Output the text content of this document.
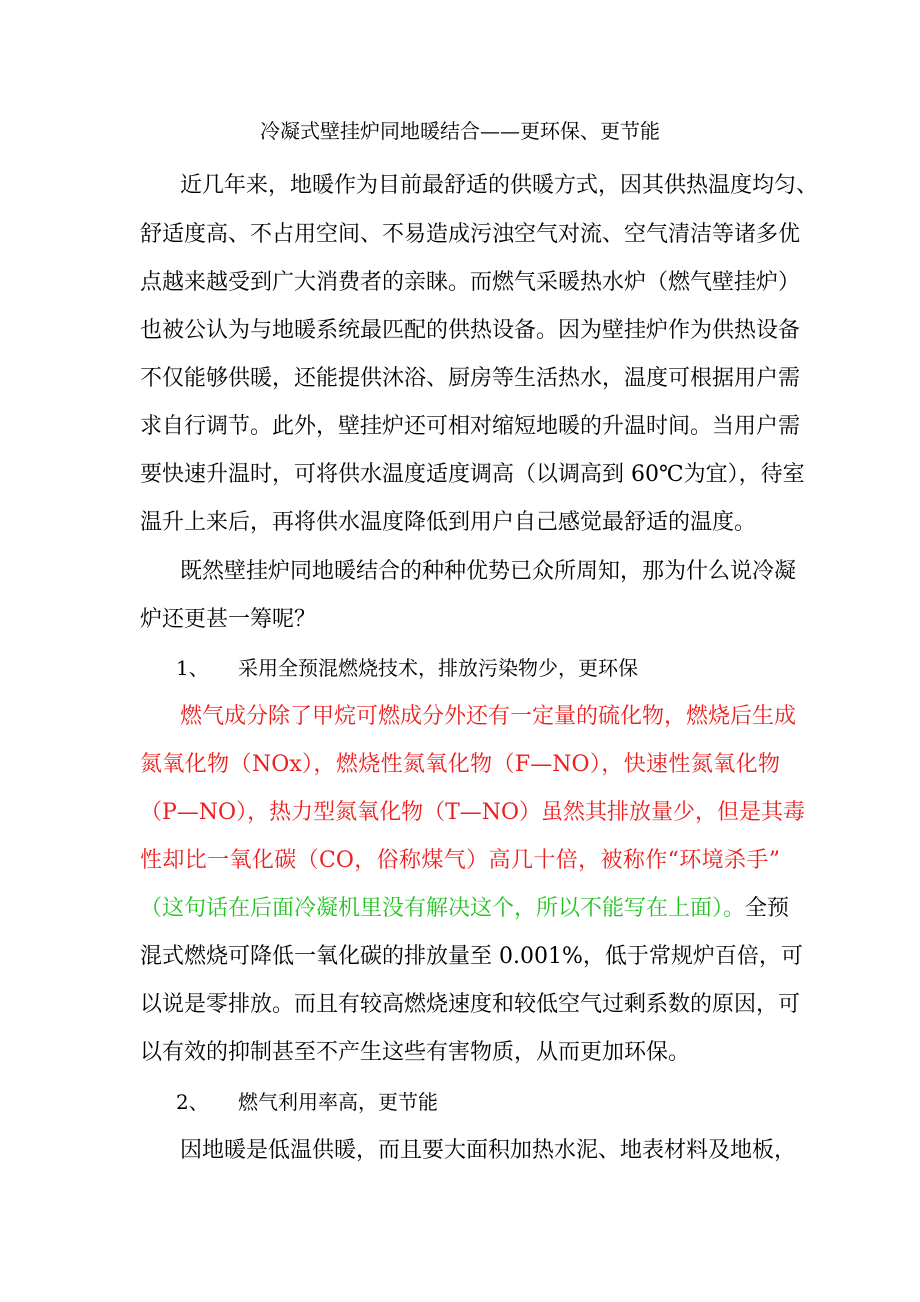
冷凝式壁挂炉同地暖结合——更环保、更节能
近几年来，地暖作为目前最舒适的供暖方式，因其供热温度均匀、
舒适度高、不占用空间、不易造成污浊空气对流、空气清洁等诸多优
点越来越受到广大消费者的亲睐。而燃气采暖热水炉（燃气壁挂炉）
也被公认为与地暖系统最匹配的供热设备。因为壁挂炉作为供热设备
不仅能够供暖，还能提供沐浴、厨房等生活热水，温度可根据用户需
求自行调节。此外，壁挂炉还可相对缩短地暖的升温时间。当用户需
要快速升温时，可将供水温度适度调高（以调高到 60℃为宜），待室
温升上来后，再将供水温度降低到用户自己感觉最舒适的温度。
既然壁挂炉同地暖结合的种种优势已众所周知，那为什么说冷凝
炉还更甚一筹呢？
1、 采用全预混燃烧技术，排放污染物少，更环保
燃气成分除了甲烷可燃成分外还有一定量的硫化物，燃烧后生成
氮氧化物（NOx），燃烧性氮氧化物（F—NO），快速性氮氧化物
（P—NO），热力型氮氧化物（T—NO）虽然其排放量少，但是其毒
性却比一氧化碳（CO，俗称煤气）高几十倍，被称作“环境杀手”
（这句话在后面冷凝机里没有解决这个，所以不能写在上面）。全预
混式燃烧可降低一氧化碳的排放量至 0.001%，低于常规炉百倍，可
以说是零排放。而且有较高燃烧速度和较低空气过剩系数的原因，可
以有效的抑制甚至不产生这些有害物质，从而更加环保。
2、 燃气利用率高，更节能
因地暖是低温供暖，而且要大面积加热水泥、地表材料及地板，
